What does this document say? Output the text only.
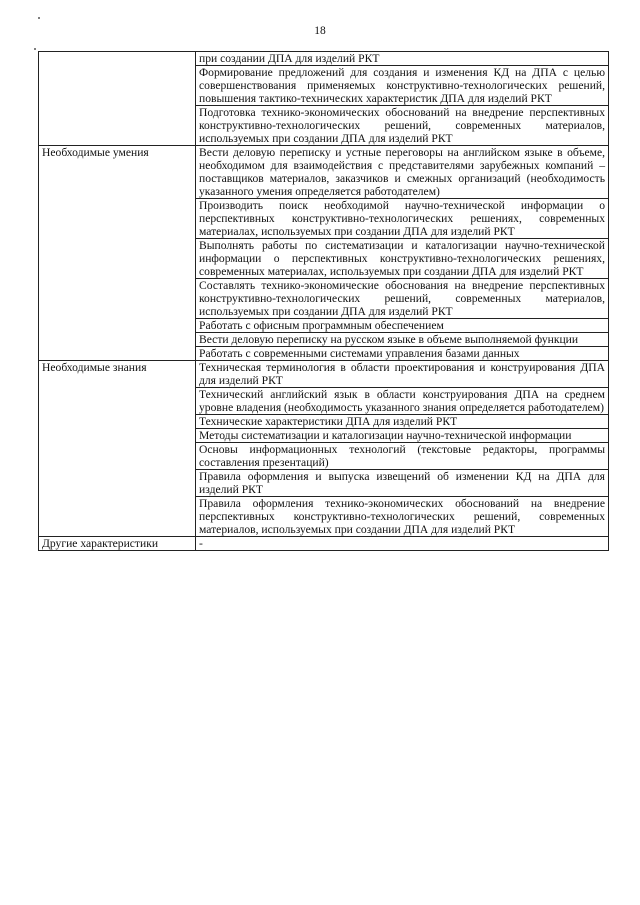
18
	при создании ДПА для изделий РКТ
	Формирование предложений для создания и изменения КД на ДПА с целью совершенствования применяемых конструктивно-технологических решений, повышения тактико-технических характеристик ДПА для изделий РКТ
	Подготовка технико-экономических обоснований на внедрение перспективных конструктивно-технологических решений, современных материалов, используемых при создании ДПА для изделий РКТ
Необходимые умения	Вести деловую переписку и устные переговоры на английском языке в объеме, необходимом для взаимодействия с представителями зарубежных компаний – поставщиков материалов, заказчиков и смежных организаций (необходимость указанного умения определяется работодателем)
	Производить поиск необходимой научно-технической информации о перспективных конструктивно-технологических решениях, современных материалах, используемых при создании ДПА для изделий РКТ
	Выполнять работы по систематизации и каталогизации научно-технической информации о перспективных конструктивно-технологических решениях, современных материалах, используемых при создании ДПА для изделий РКТ
	Составлять технико-экономические обоснования на внедрение перспективных конструктивно-технологических решений, современных материалов, используемых при создании ДПА для изделий РКТ
	Работать с офисным программным обеспечением
	Вести деловую переписку на русском языке в объеме выполняемой функции
	Работать с современными системами управления базами данных
Необходимые знания	Техническая терминология в области проектирования и конструирования ДПА для изделий РКТ
	Технический английский язык в области конструирования ДПА на среднем уровне владения (необходимость указанного знания определяется работодателем)
	Технические характеристики ДПА для изделий РКТ
	Методы систематизации и каталогизации научно-технической информации
	Основы информационных технологий (текстовые редакторы, программы составления презентаций)
	Правила оформления и выпуска извещений об изменении КД на ДПА для изделий РКТ
	Правила оформления технико-экономических обоснований на внедрение перспективных конструктивно-технологических решений, современных материалов, используемых при создании ДПА для изделий РКТ
Другие характеристики	-
